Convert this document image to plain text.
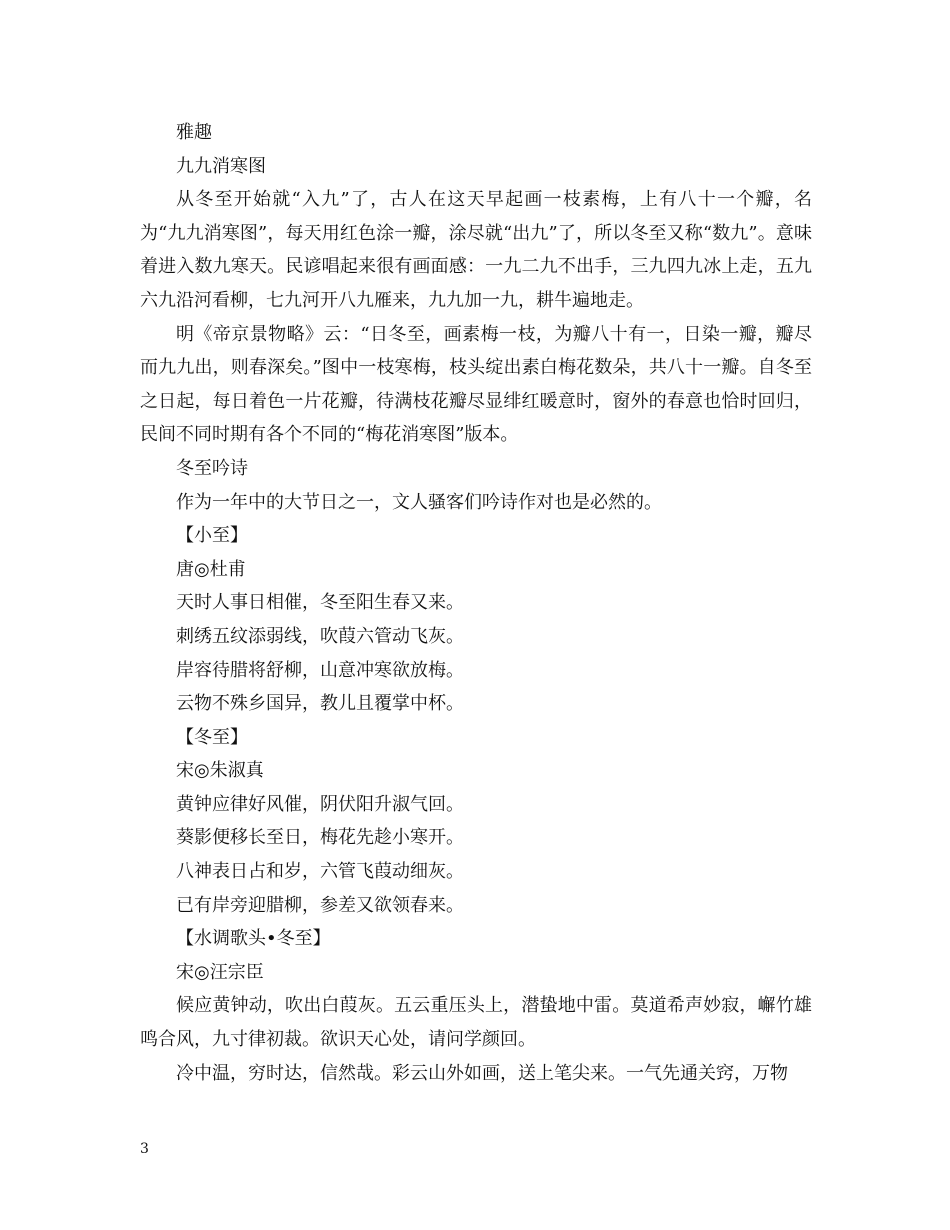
雅趣

九九消寒图

从冬至开始就“入九”了，古人在这天早起画一枝素梅，上有八十一个瓣，名为“九九消寒图”，每天用红色涂一瓣，涂尽就“出九”了，所以冬至又称“数九”。意味着进入数九寒天。民谚唱起来很有画面感：一九二九不出手，三九四九冰上走，五九六九沿河看柳，七九河开八九雁来，九九加一九，耕牛遍地走。

明《帝京景物略》云：“日冬至，画素梅一枝，为瓣八十有一，日染一瓣，瓣尽而九九出，则春深矣。”图中一枝寒梅，枝头绽出素白梅花数朵，共八十一瓣。自冬至之日起，每日着色一片花瓣，待满枝花瓣尽显绯红暖意时，窗外的春意也恰时回归，民间不同时期有各个不同的“梅花消寒图”版本。

冬至吟诗

作为一年中的大节日之一，文人骚客们吟诗作对也是必然的。

【小至】

唐◎杜甫

天时人事日相催，冬至阳生春又来。

刺绣五纹添弱线，吹葭六管动飞灰。

岸容待腊将舒柳，山意冲寒欲放梅。

云物不殊乡国异，教儿且覆掌中杯。

【冬至】

宋◎朱淑真

黄钟应律好风催，阴伏阳升淑气回。

葵影便移长至日，梅花先趁小寒开。

八神表日占和岁，六管飞葭动细灰。

已有岸旁迎腊柳，参差又欲领春来。

【水调歌头•冬至】

宋◎汪宗臣

候应黄钟动，吹出白葭灰。五云重压头上，潜蛰地中雷。莫道希声妙寂，嶰竹雄鸣合风，九寸律初裁。欲识天心处，请问学颜回。

冷中温，穷时达，信然哉。彩云山外如画，送上笔尖来。一气先通关窍，万物

3
